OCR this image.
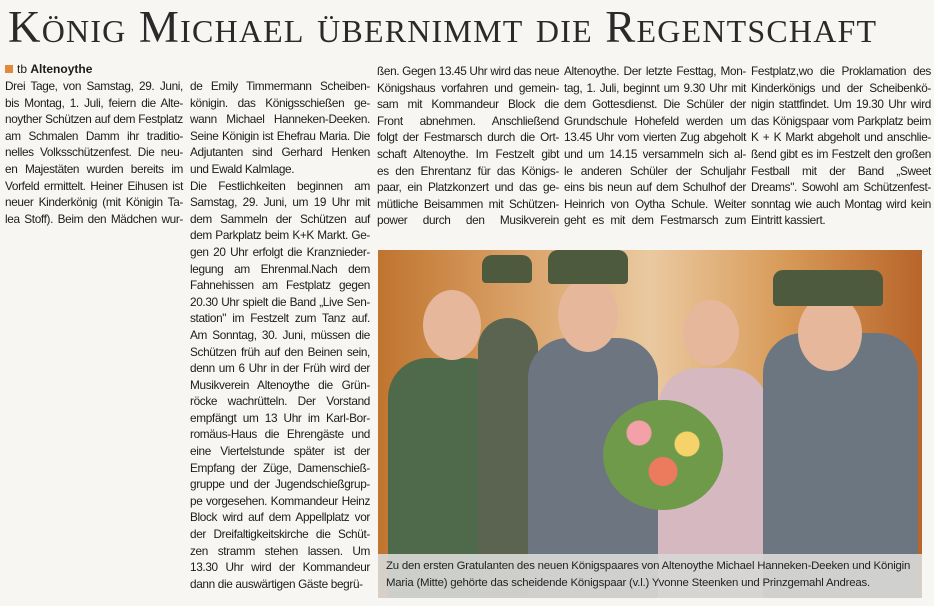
König Michael übernimmt die Regentschaft
tb Altenoythe
Drei Tage, von Samstag, 29. Juni,
bis Montag, 1. Juli, feiern die Alte-
noyther Schützen auf dem Festplatz
am Schmalen Damm ihr traditio-
nelles Volksschützenfest. Die neu-
en Majestäten wurden bereits im
Vorfeld ermittelt. Heiner Eihusen ist
neuer Kinderkönig (mit Königin Ta-
lea Stoff). Beim den Mädchen wur-
de Emily Timmermann Scheiben-
königin. das Königsschießen ge-
wann Michael Hanneken-Deeken.
Seine Königin ist Ehefrau Maria. Die
Adjutanten sind Gerhard Henken
und Ewald Kalmlage.
Die Festlichkeiten beginnen am
Samstag, 29. Juni, um 19 Uhr mit
dem Sammeln der Schützen auf
dem Parkplatz beim K+K Markt. Ge-
gen 20 Uhr erfolgt die Kranznieder-
legung am Ehrenmal.Nach dem
Fahnehissen am Festplatz gegen
20.30 Uhr spielt die Band „Live Sen-
station" im Festzelt zum Tanz auf.
Am Sonntag, 30. Juni, müssen die
Schützen früh auf den Beinen sein,
denn um 6 Uhr in der Früh wird der
Musikverein Altenoythe die Grün-
röcke wachrütteln. Der Vorstand
empfängt um 13 Uhr im Karl-Bor-
romäus-Haus die Ehrengäste und
eine Viertelstunde später ist der
Empfang der Züge, Damenschieß-
gruppe und der Jugendschießgrup-
pe vorgesehen. Kommandeur Heinz
Block wird auf dem Appellplatz vor
der Dreifaltigkeitskirche die Schüt-
zen stramm stehen lassen. Um
13.30 Uhr wird der Kommandeur
dann die auswärtigen Gäste begrü-
ßen. Gegen 13.45 Uhr wird das neue
Königshaus vorfahren und gemein-
sam mit Kommandeur Block die
Front abnehmen. Anschließend
folgt der Festmarsch durch die Ort-
schaft Altenoythe. Im Festzelt gibt
es den Ehrentanz für das Königs-
paar, ein Platzkonzert und das ge-
mütliche Beisammen mit Schützen-
power durch den Musikverein
Altenoythe. Der letzte Festtag, Mon-
tag, 1. Juli, beginnt um 9.30 Uhr mit
dem Gottesdienst. Die Schüler der
Grundschule Hohefeld werden um
13.45 Uhr vom vierten Zug abgeholt
und um 14.15 versammeln sich al-
le anderen Schüler der Schuljahr
eins bis neun auf dem Schulhof der
Heinrich von Oytha Schule. Weiter
geht es mit dem Festmarsch zum
Festplatz,wo die Proklamation des
Kinderkönigs und der Scheibenkö-
nigin stattfindet. Um 19.30 Uhr wird
das Königspaar vom Parkplatz beim
K + K Markt abgeholt und anschlie-
ßend gibt es im Festzelt den großen
Festball mit der Band „Sweet
Dreams". Sowohl am Schützenfest-
sonntag wie auch Montag wird kein
Eintritt kassiert.
Zu den ersten Gratulanten des neuen Königspaares von Altenoythe Michael Hanneken-Deeken und Königin Maria (Mitte) gehörte das scheidende Königspaar (v.l.) Yvonne Steenken und Prinzgemahl Andreas.
